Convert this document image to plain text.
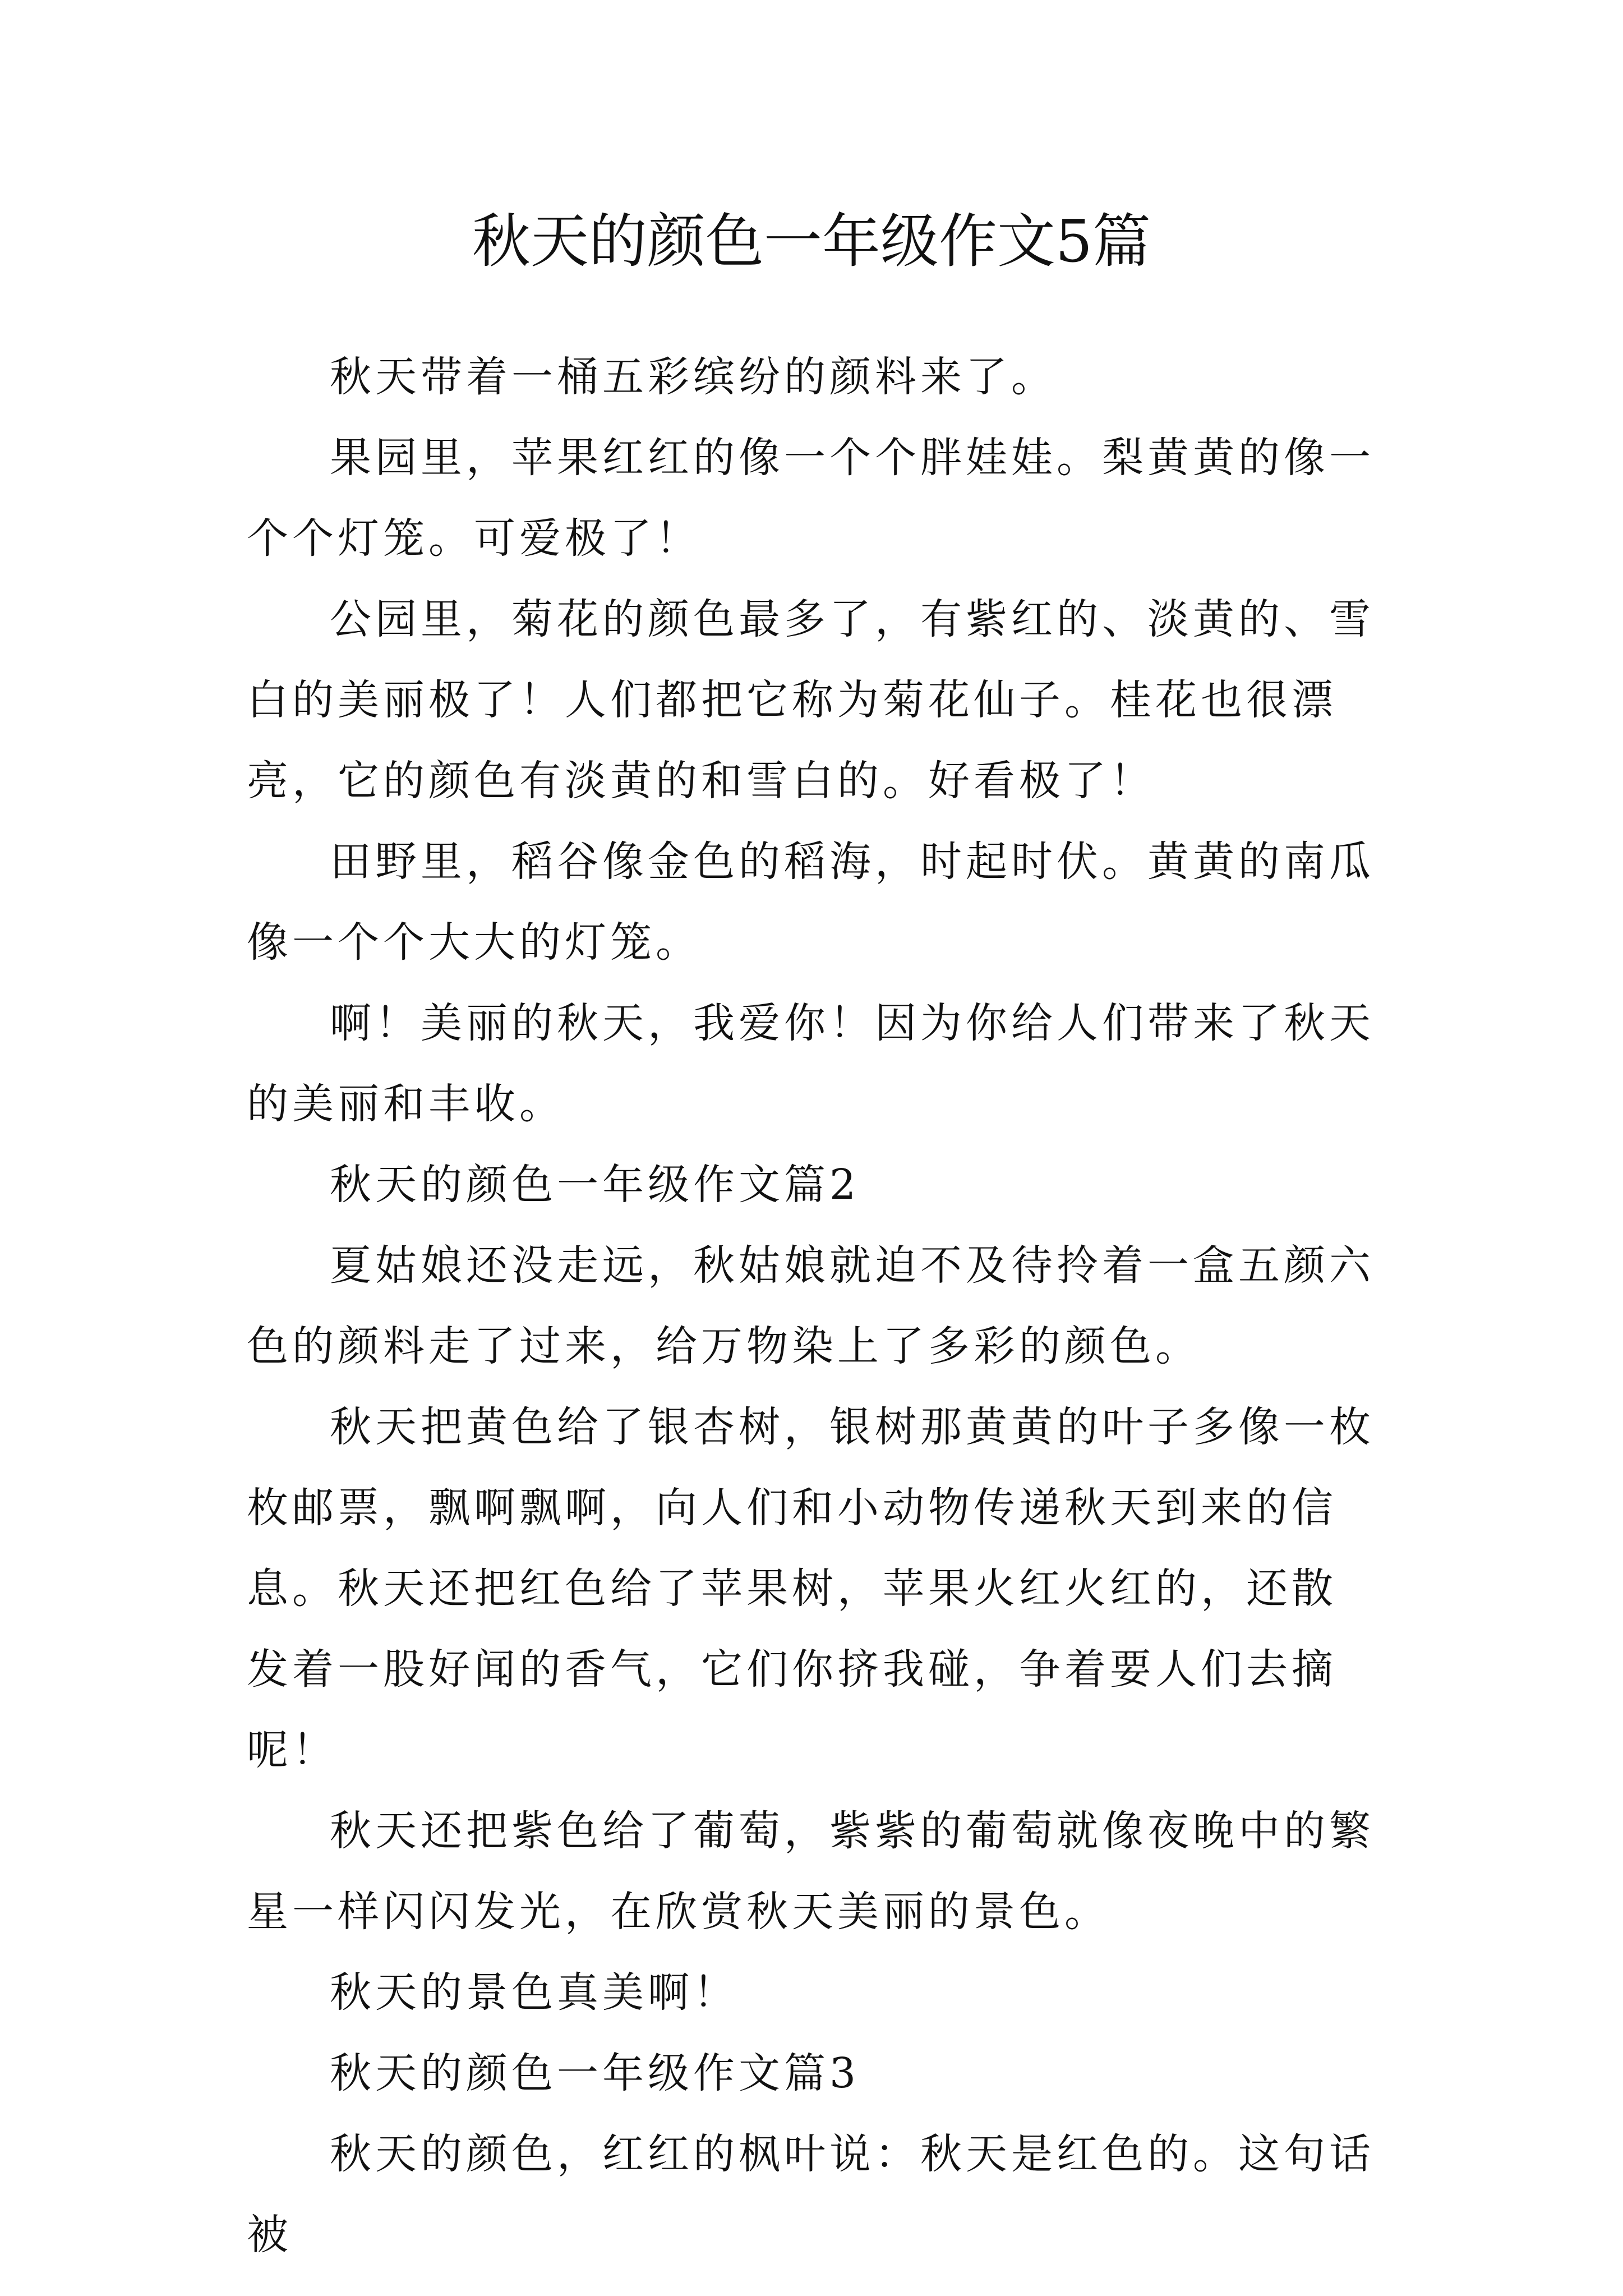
秋天的颜色一年级作文5篇

秋天带着一桶五彩缤纷的颜料来了。

果园里，苹果红红的像一个个胖娃娃。梨黄黄的像一个个灯笼。可爱极了！

公园里，菊花的颜色最多了，有紫红的、淡黄的、雪白的美丽极了！人们都把它称为菊花仙子。桂花也很漂亮，它的颜色有淡黄的和雪白的。好看极了！

田野里，稻谷像金色的稻海，时起时伏。黄黄的南瓜像一个个大大的灯笼。

啊！美丽的秋天，我爱你！因为你给人们带来了秋天的美丽和丰收。

秋天的颜色一年级作文篇2

夏姑娘还没走远，秋姑娘就迫不及待拎着一盒五颜六色的颜料走了过来，给万物染上了多彩的颜色。

秋天把黄色给了银杏树，银树那黄黄的叶子多像一枚枚邮票，飘啊飘啊，向人们和小动物传递秋天到来的信息。秋天还把红色给了苹果树，苹果火红火红的，还散发着一股好闻的香气，它们你挤我碰，争着要人们去摘呢！

秋天还把紫色给了葡萄，紫紫的葡萄就像夜晚中的繁星一样闪闪发光，在欣赏秋天美丽的景色。

秋天的景色真美啊！

秋天的颜色一年级作文篇3

秋天的颜色，红红的枫叶说：秋天是红色的。这句话被
